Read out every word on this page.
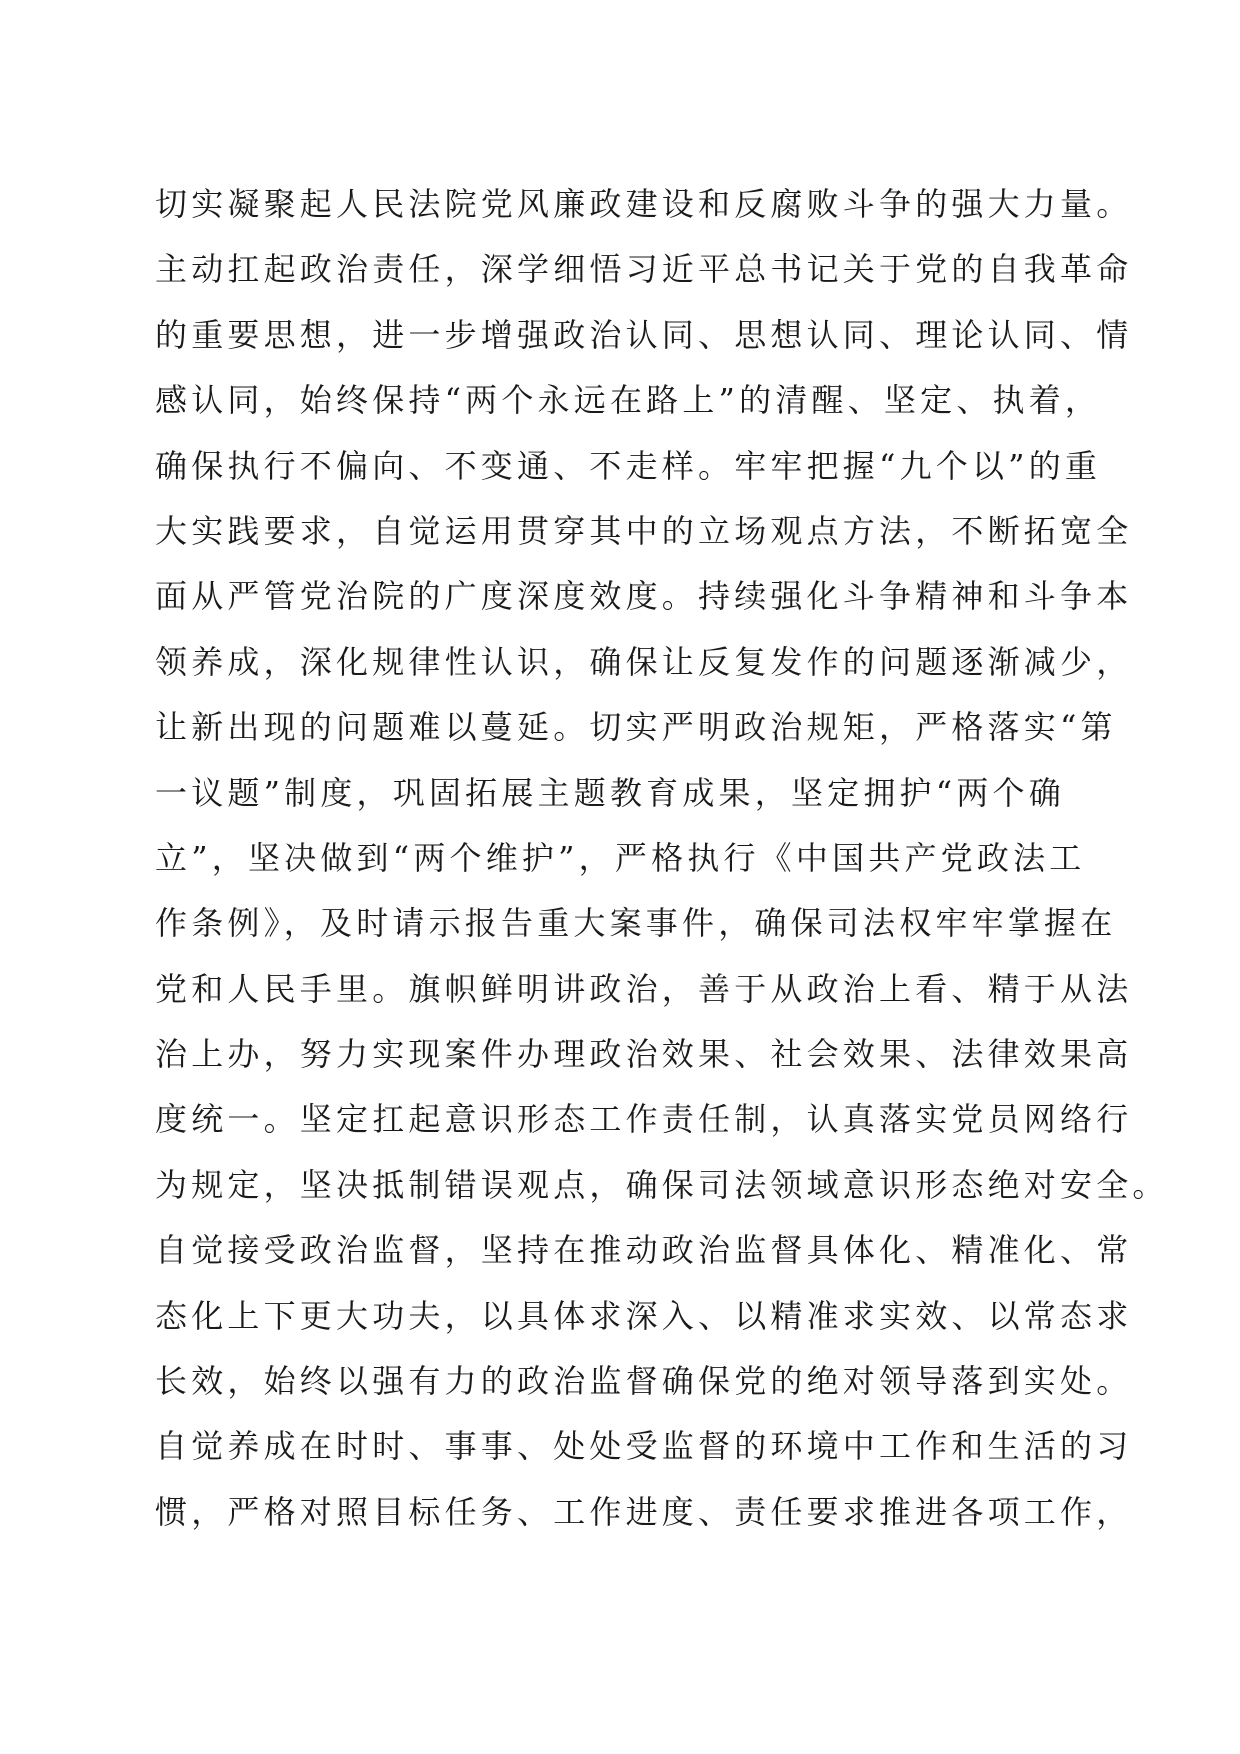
切实凝聚起人民法院党风廉政建设和反腐败斗争的强大力量。
主动扛起政治责任，深学细悟习近平总书记关于党的自我革命
的重要思想，进一步增强政治认同、思想认同、理论认同、情
感认同，始终保持“两个永远在路上”的清醒、坚定、执着，
确保执行不偏向、不变通、不走样。牢牢把握“九个以”的重
大实践要求，自觉运用贯穿其中的立场观点方法，不断拓宽全
面从严管党治院的广度深度效度。持续强化斗争精神和斗争本
领养成，深化规律性认识，确保让反复发作的问题逐渐减少，
让新出现的问题难以蔓延。切实严明政治规矩，严格落实“第
一议题”制度，巩固拓展主题教育成果，坚定拥护“两个确
立”，坚决做到“两个维护”，严格执行《中国共产党政法工
作条例》，及时请示报告重大案事件，确保司法权牢牢掌握在
党和人民手里。旗帜鲜明讲政治，善于从政治上看、精于从法
治上办，努力实现案件办理政治效果、社会效果、法律效果高
度统一。坚定扛起意识形态工作责任制，认真落实党员网络行
为规定，坚决抵制错误观点，确保司法领域意识形态绝对安全。
自觉接受政治监督，坚持在推动政治监督具体化、精准化、常
态化上下更大功夫，以具体求深入、以精准求实效、以常态求
长效，始终以强有力的政治监督确保党的绝对领导落到实处。
自觉养成在时时、事事、处处受监督的环境中工作和生活的习
惯，严格对照目标任务、工作进度、责任要求推进各项工作，
